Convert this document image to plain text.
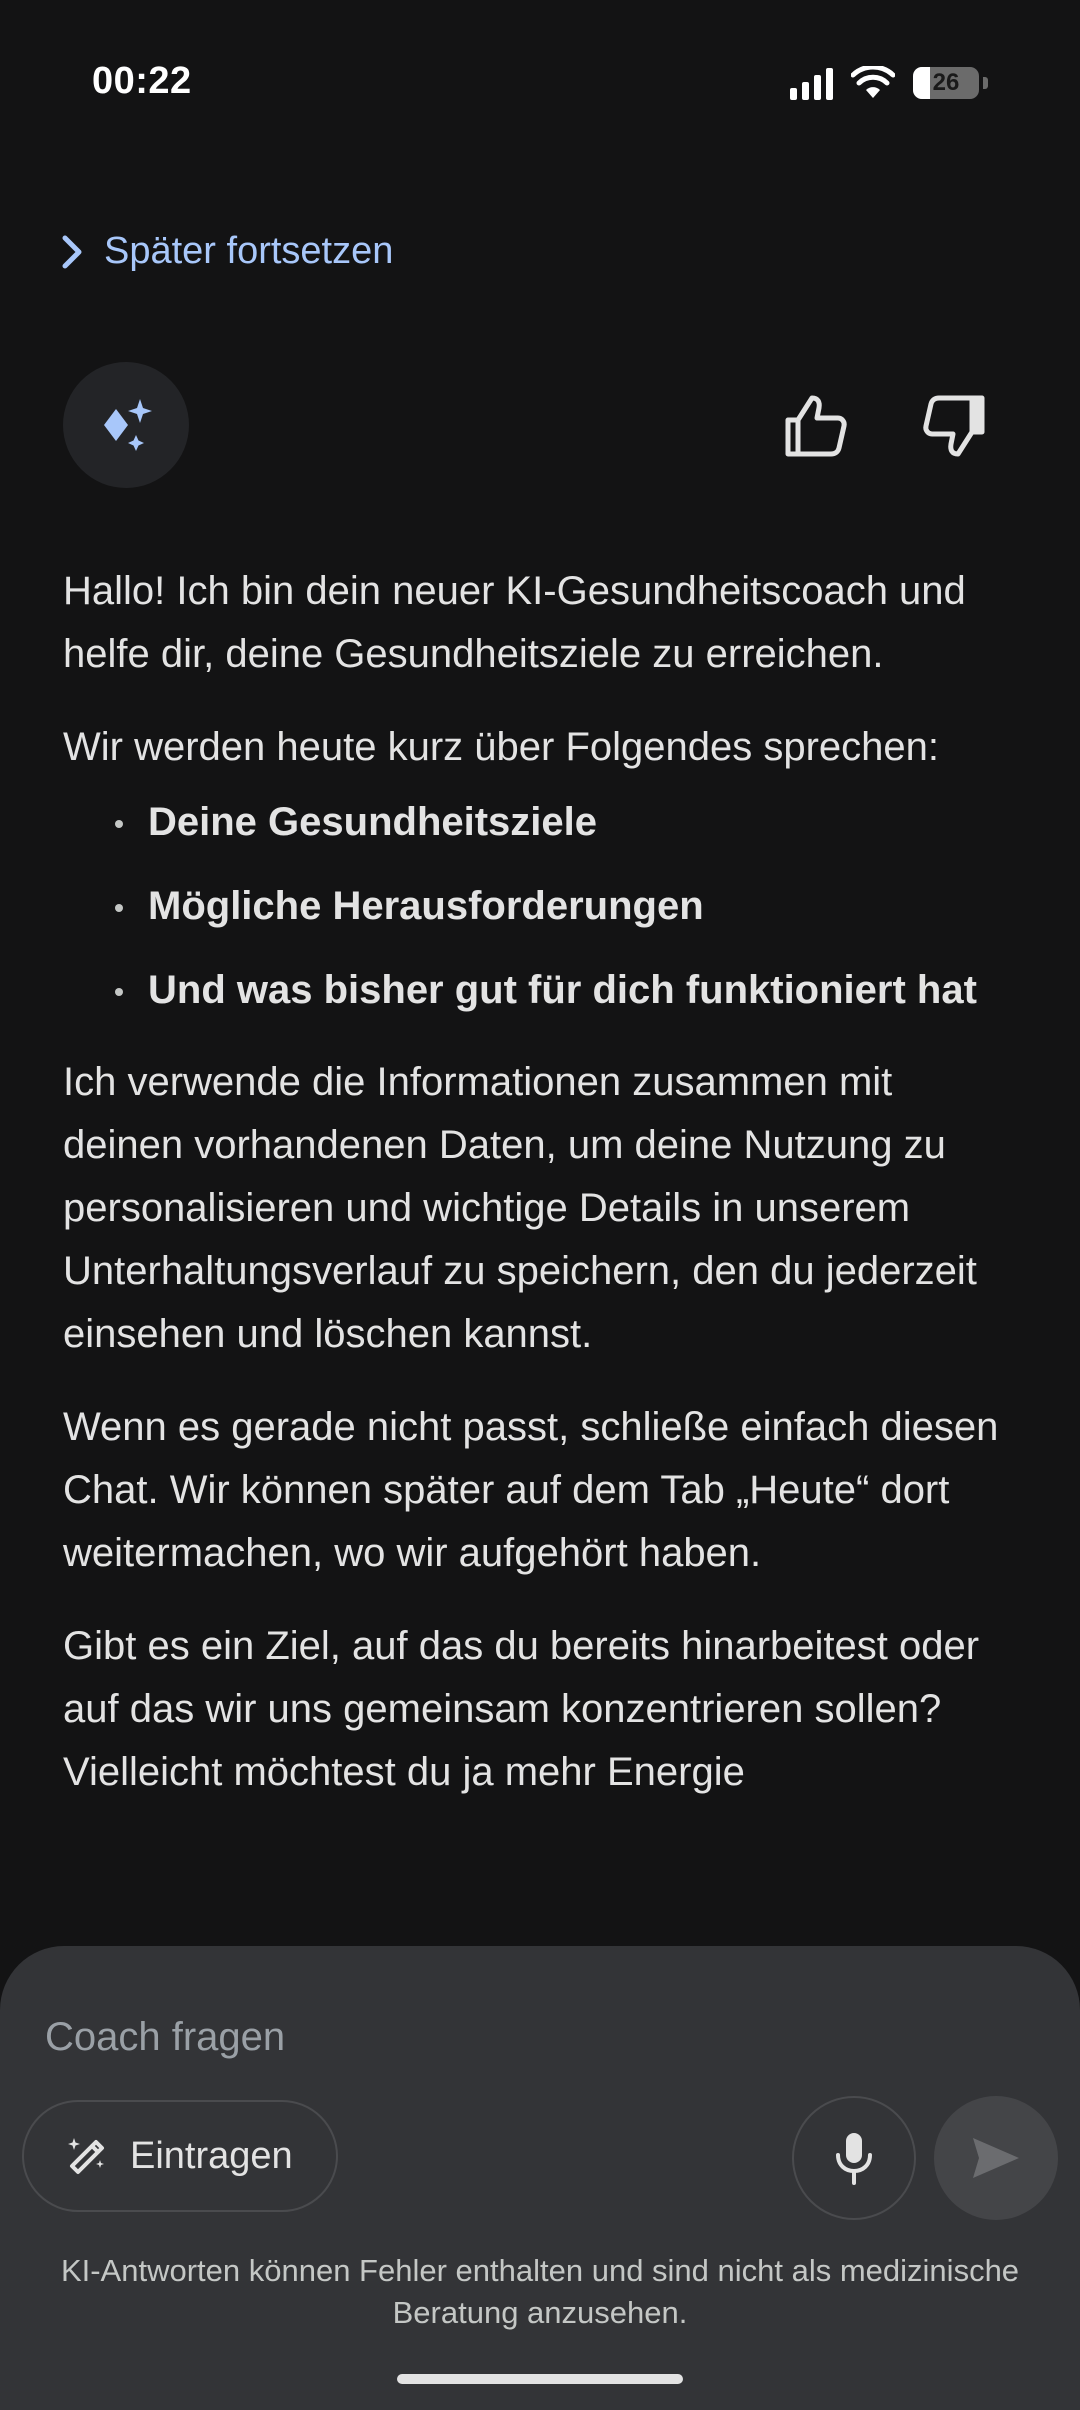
00:22	26
Später fortsetzen

Hallo! Ich bin dein neuer KI-Gesundheitscoach und helfe dir, deine Gesundheitsziele zu erreichen.

Wir werden heute kurz über Folgendes sprechen:

Deine Gesundheitsziele
Mögliche Herausforderungen
Und was bisher gut für dich funktioniert hat

Ich verwende die Informationen zusammen mit deinen vorhandenen Daten, um deine Nutzung zu personalisieren und wichtige Details in unserem Unterhaltungsverlauf zu speichern, den du jederzeit einsehen und löschen kannst.

Wenn es gerade nicht passt, schließe einfach diesen Chat. Wir können später auf dem Tab „Heute“ dort weitermachen, wo wir aufgehört haben.

Gibt es ein Ziel, auf das du bereits hinarbeitest oder auf das wir uns gemeinsam konzentrieren sollen? Vielleicht möchtest du ja mehr Energie

Coach fragen
Eintragen
KI-Antworten können Fehler enthalten und sind nicht als medizinische Beratung anzusehen.
